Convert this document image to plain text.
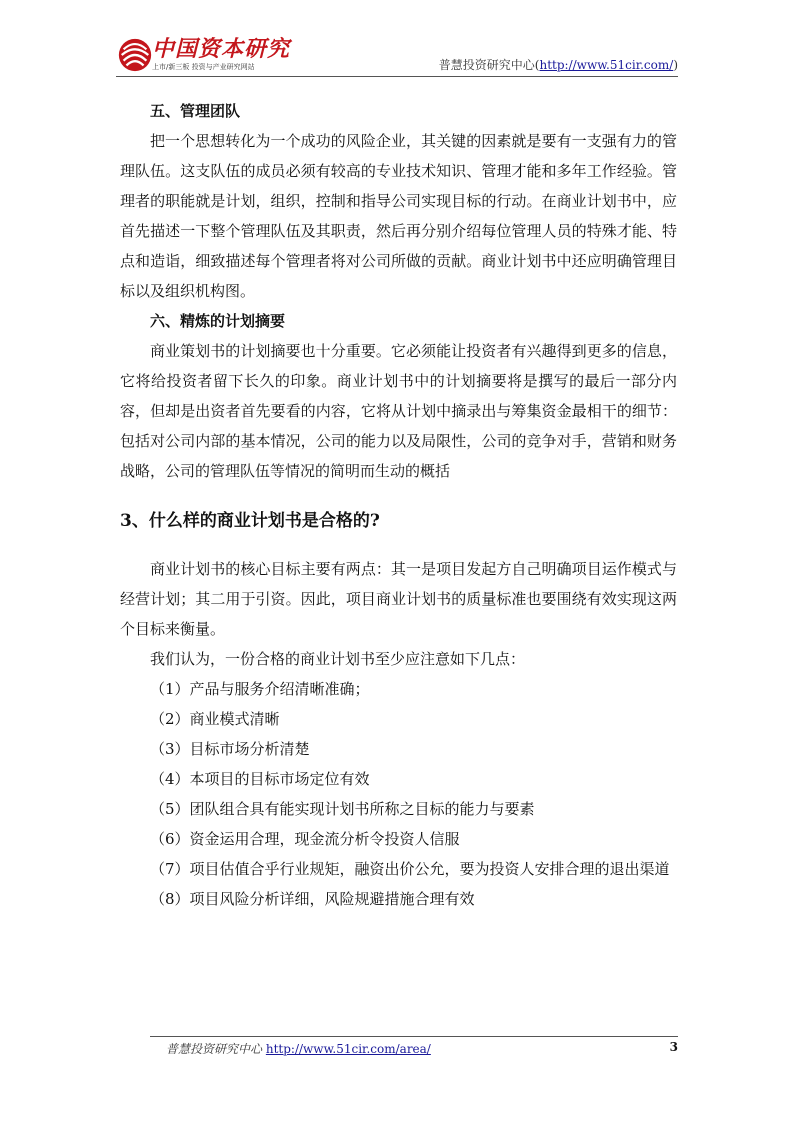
中国资本研究
上市/新三板 投资与产业研究网站	普慧投资研究中心(http://www.51cir.com/)

五、管理团队

把一个思想转化为一个成功的风险企业，其关键的因素就是要有一支强有力的管理队伍。这支队伍的成员必须有较高的专业技术知识、管理才能和多年工作经验。管理者的职能就是计划，组织，控制和指导公司实现目标的行动。在商业计划书中，应首先描述一下整个管理队伍及其职责，然后再分别介绍每位管理人员的特殊才能、特点和造诣，细致描述每个管理者将对公司所做的贡献。商业计划书中还应明确管理目标以及组织机构图。

六、精炼的计划摘要

商业策划书的计划摘要也十分重要。它必须能让投资者有兴趣得到更多的信息，它将给投资者留下长久的印象。商业计划书中的计划摘要将是撰写的最后一部分内容，但却是出资者首先要看的内容，它将从计划中摘录出与筹集资金最相干的细节：包括对公司内部的基本情况，公司的能力以及局限性，公司的竞争对手，营销和财务战略，公司的管理队伍等情况的简明而生动的概括

3、什么样的商业计划书是合格的?

商业计划书的核心目标主要有两点：其一是项目发起方自己明确项目运作模式与经营计划；其二用于引资。因此，项目商业计划书的质量标准也要围绕有效实现这两个目标来衡量。

我们认为，一份合格的商业计划书至少应注意如下几点：

（1）产品与服务介绍清晰准确；

（2）商业模式清晰

（3）目标市场分析清楚

（4）本项目的目标市场定位有效

（5）团队组合具有能实现计划书所称之目标的能力与要素

（6）资金运用合理，现金流分析令投资人信服

（7）项目估值合乎行业规矩，融资出价公允，要为投资人安排合理的退出渠道

（8）项目风险分析详细，风险规避措施合理有效

普慧投资研究中心 http://www.51cir.com/area/	3
